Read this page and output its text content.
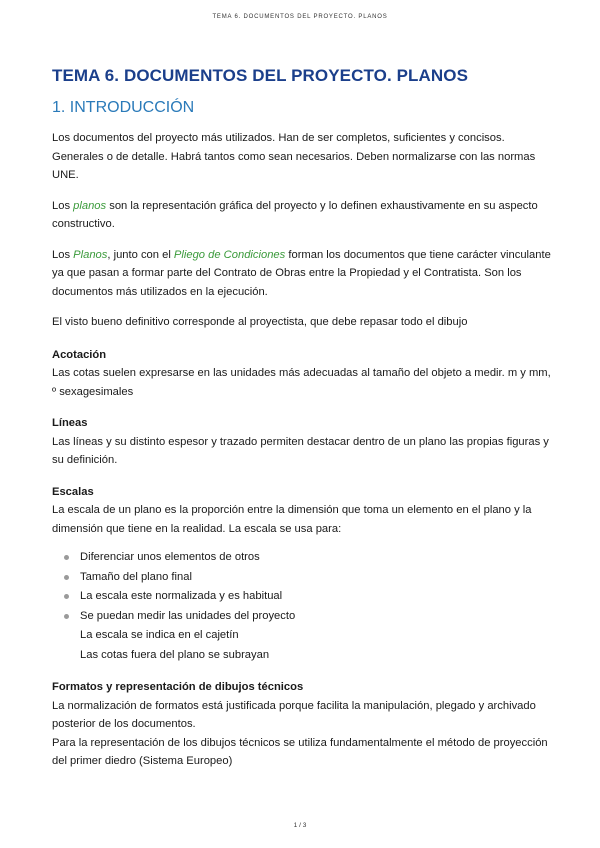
TEMA 6. DOCUMENTOS DEL PROYECTO. PLANOS
TEMA 6. DOCUMENTOS DEL PROYECTO. PLANOS
1. INTRODUCCIÓN

Los documentos del proyecto más utilizados. Han de ser completos, suficientes y concisos. Generales o de detalle. Habrá tantos como sean necesarios. Deben normalizarse con las normas UNE.

Los planos son la representación gráfica del proyecto y lo definen exhaustivamente en su aspecto constructivo.

Los Planos, junto con el Pliego de Condiciones forman los documentos que tiene carácter vinculante ya que pasan a formar parte del Contrato de Obras entre la Propiedad y el Contratista. Son los documentos más utilizados en la ejecución.

El visto bueno definitivo corresponde al proyectista, que debe repasar todo el dibujo

Acotación

Las cotas suelen expresarse en las unidades más adecuadas al tamaño del objeto a medir. m y mm, º sexagesimales

Líneas

Las líneas y su distinto espesor y trazado permiten destacar dentro de un plano las propias figuras y su definición.

Escalas

La escala de un plano es la proporción entre la dimensión que toma un elemento en el plano y la dimensión que tiene en la realidad. La escala se usa para:

Diferenciar unos elementos de otros
Tamaño del plano final
La escala este normalizada y es habitual
Se puedan medir las unidades del proyecto
La escala se indica en el cajetín
Las cotas fuera del plano se subrayan
Formatos y representación de dibujos técnicos

La normalización de formatos está justificada porque facilita la manipulación, plegado y archivado posterior de los documentos.

Para la representación de los dibujos técnicos se utiliza fundamentalmente el método de proyección del primer diedro (Sistema Europeo)

1 / 3
